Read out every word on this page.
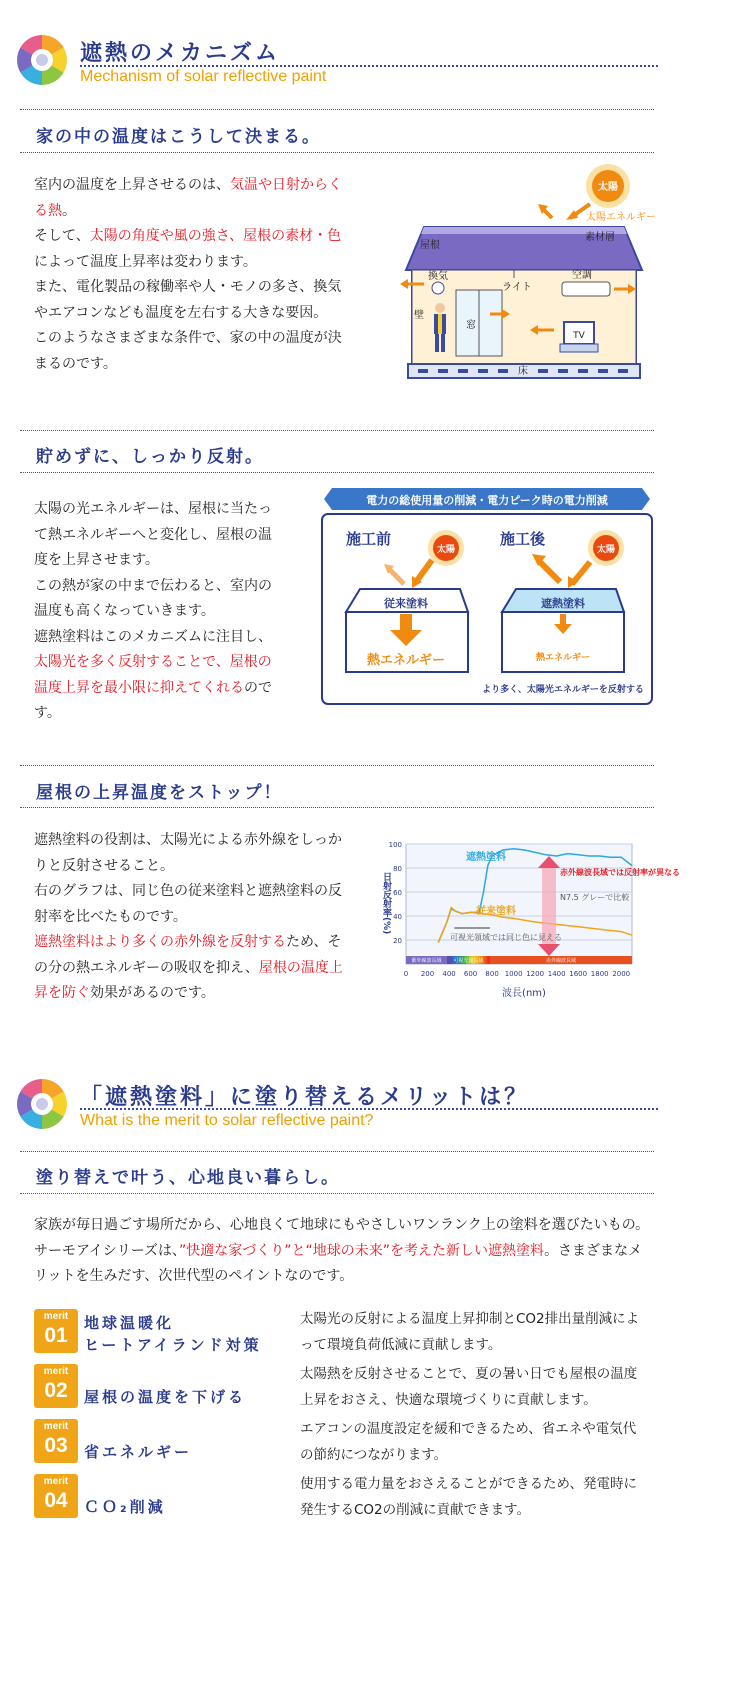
遮熱のメカニズム
Mechanism of solar reflective paint
家の中の温度はこうして決まる。
室内の温度を上昇させるのは、気温や日射からくる熱。
そして、太陽の角度や風の強さ、屋根の素材・色によって温度上昇率は変わります。
また、電化製品の稼働率や人・モノの多さ、換気やエアコンなども温度を左右する大きな要因。
このようなさまざまな条件で、家の中の温度が決まるのです。
太陽
太陽エネルギー
素材層
屋根
床
換気
壁
窓
ライト
空調
TV
貯めずに、しっかり反射。
太陽の光エネルギーは、屋根に当たって熱エネルギーへと変化し、屋根の温度を上昇させます。
この熱が家の中まで伝わると、室内の温度も高くなっていきます。
遮熱塗料はこのメカニズムに注目し、太陽光を多く反射することで、屋根の温度上昇を最小限に抑えてくれるのです。
電力の総使用量の削減・電力ピーク時の電力削減
施工前
太陽
従来塗料
熱エネルギー
施工後
太陽
遮熱塗料
熱エネルギー
より多く、太陽光エネルギーを反射する
屋根の上昇温度をストップ！
遮熱塗料の役割は、太陽光による赤外線をしっかりと反射させること。
右のグラフは、同じ色の従来塗料と遮熱塗料の反射率を比べたものです。
遮熱塗料はより多くの赤外線を反射するため、その分の熱エネルギーの吸収を抑え、屋根の温度上昇を防ぐ効果があるのです。
紫外線波長域 可視光波長域	赤外線波長域
遮熱塗料
従来塗料
20
40
60
80
100
0 200 400 600 800 1000 1200 1400 1600 1800 2000
赤外線波長域では反射率が異なる
N7.5 グレーで比較
可視光領域では同じ色に見える
日射反射率(%)
波長(nm)
「遮熱塗料」に塗り替えるメリットは？
What is the merit to solar reflective paint?
塗り替えで叶う、心地良い暮らし。
家族が毎日過ごす場所だから、心地良くて地球にもやさしいワンランク上の塗料を選びたいもの。
サーモアイシリーズは、”快適な家づくり”と“地球の未来”を考えた新しい遮熱塗料。さまざまなメリットを生みだす、次世代型のペイントなのです。
merit
01
地球温暖化
ヒートアイランド対策
太陽光の反射による温度上昇抑制とCO2排出量削減によって環境負荷低減に貢献します。
merit
02	屋根の温度を下げる
太陽熱を反射させることで、夏の暑い日でも屋根の温度上昇をおさえ、快適な環境づくりに貢献します。
merit
03	省エネルギー
エアコンの温度設定を緩和できるため、省エネや電気代の節約につながります。
merit
04	ＣＯ₂削減
使用する電力量をおさえることができるため、発電時に発生するCO2の削減に貢献できます。
